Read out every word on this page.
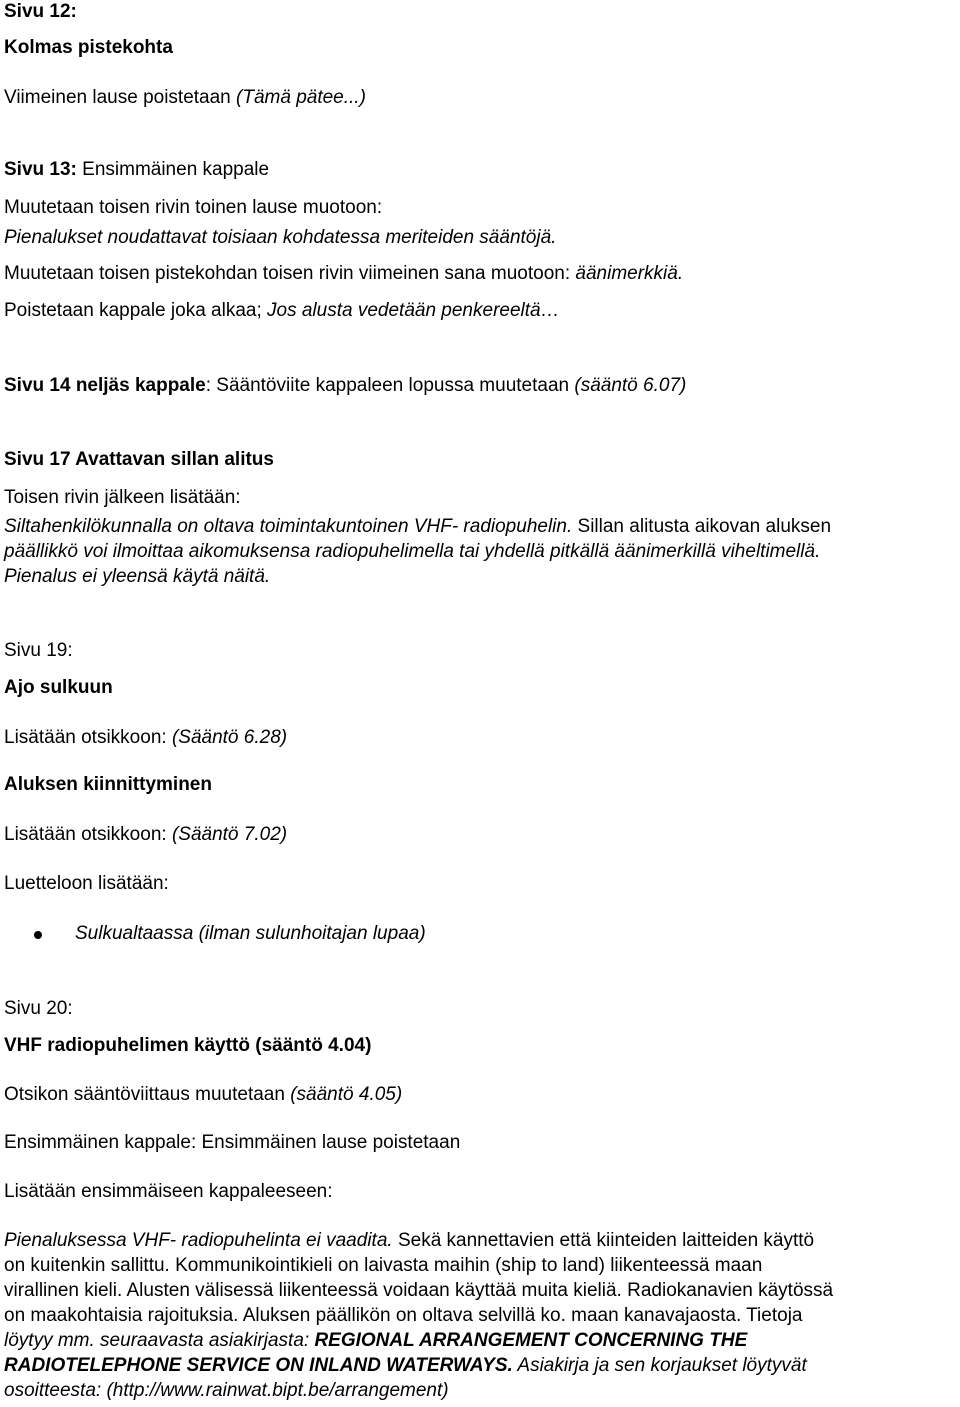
Sivu 12:

Kolmas pistekohta

Viimeinen lause poistetaan (Tämä pätee...)

Sivu 13: Ensimmäinen kappale

Muutetaan toisen rivin toinen lause muotoon:

Pienalukset noudattavat toisiaan kohdatessa meriteiden sääntöjä.

Muutetaan toisen pistekohdan toisen rivin viimeinen sana muotoon: äänimerkkiä.

Poistetaan kappale joka alkaa; Jos alusta vedetään penkereeltä…

Sivu 14 neljäs kappale: Sääntöviite kappaleen lopussa muutetaan (sääntö 6.07)

Sivu 17 Avattavan sillan alitus

Toisen rivin jälkeen lisätään:

Siltahenkilökunnalla on oltava toimintakuntoinen VHF- radiopuhelin. Sillan alitusta aikovan aluksen

päällikkö voi ilmoittaa aikomuksensa radiopuhelimella tai yhdellä pitkällä äänimerkillä viheltimellä.

Pienalus ei yleensä käytä näitä.

Sivu 19:

Ajo sulkuun

Lisätään otsikkoon: (Sääntö 6.28)

Aluksen kiinnittyminen

Lisätään otsikkoon: (Sääntö 7.02)

Luetteloon lisätään:

Sulkualtaassa (ilman sulunhoitajan lupaa)

Sivu 20:

VHF radiopuhelimen käyttö (sääntö 4.04)

Otsikon sääntöviittaus muutetaan (sääntö 4.05)

Ensimmäinen kappale: Ensimmäinen lause poistetaan

Lisätään ensimmäiseen kappaleeseen:

Pienaluksessa VHF- radiopuhelinta ei vaadita. Sekä kannettavien että kiinteiden laitteiden käyttö

on kuitenkin sallittu. Kommunikointikieli on laivasta maihin (ship to land) liikenteessä maan

virallinen kieli. Alusten välisessä liikenteessä voidaan käyttää muita kieliä. Radiokanavien käytössä

on maakohtaisia rajoituksia. Aluksen päällikön on oltava selvillä ko. maan kanavajaosta. Tietoja

löytyy mm. seuraavasta asiakirjasta: REGIONAL ARRANGEMENT CONCERNING THE

RADIOTELEPHONE SERVICE ON INLAND WATERWAYS. Asiakirja ja sen korjaukset löytyvät

osoitteesta: (http://www.rainwat.bipt.be/arrangement)
